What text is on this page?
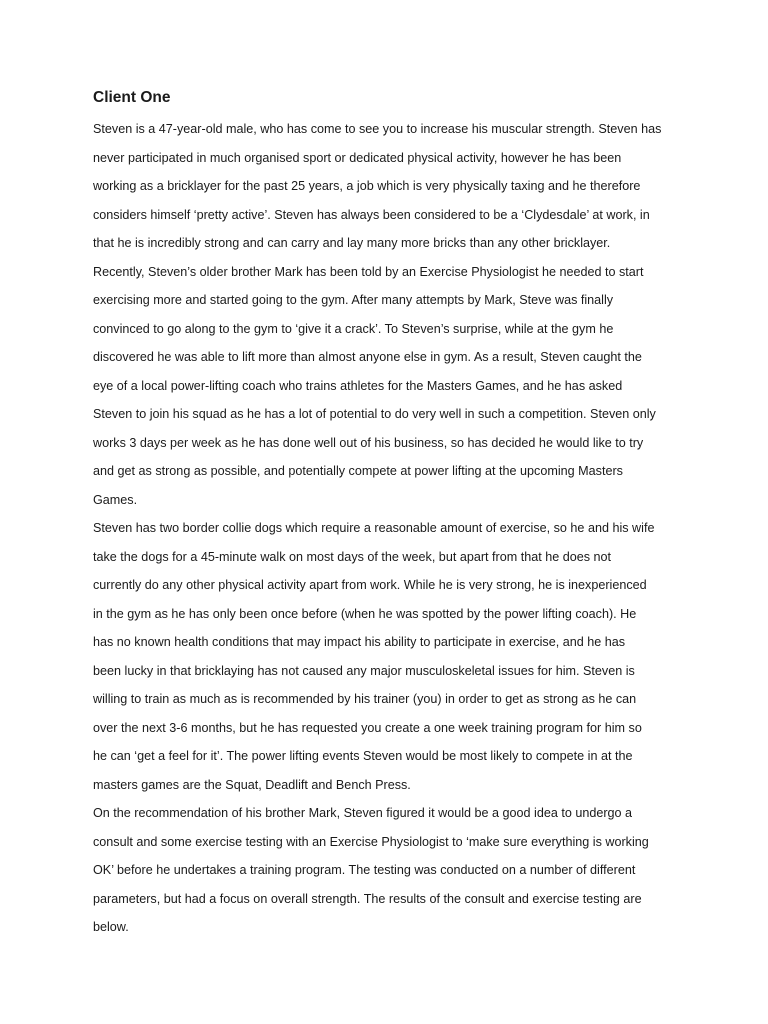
Client One

Steven is a 47-year-old male, who has come to see you to increase his muscular strength. Steven has
never participated in much organised sport or dedicated physical activity, however he has been
working as a bricklayer for the past 25 years, a job which is very physically taxing and he therefore
considers himself ‘pretty active’. Steven has always been considered to be a ‘Clydesdale’ at work, in
that he is incredibly strong and can carry and lay many more bricks than any other bricklayer.
Recently, Steven’s older brother Mark has been told by an Exercise Physiologist he needed to start
exercising more and started going to the gym. After many attempts by Mark, Steve was finally
convinced to go along to the gym to ‘give it a crack’. To Steven’s surprise, while at the gym he
discovered he was able to lift more than almost anyone else in gym. As a result, Steven caught the
eye of a local power-lifting coach who trains athletes for the Masters Games, and he has asked
Steven to join his squad as he has a lot of potential to do very well in such a competition. Steven only
works 3 days per week as he has done well out of his business, so has decided he would like to try
and get as strong as possible, and potentially compete at power lifting at the upcoming Masters
Games.

Steven has two border collie dogs which require a reasonable amount of exercise, so he and his wife
take the dogs for a 45-minute walk on most days of the week, but apart from that he does not
currently do any other physical activity apart from work. While he is very strong, he is inexperienced
in the gym as he has only been once before (when he was spotted by the power lifting coach). He
has no known health conditions that may impact his ability to participate in exercise, and he has
been lucky in that bricklaying has not caused any major musculoskeletal issues for him. Steven is
willing to train as much as is recommended by his trainer (you) in order to get as strong as he can
over the next 3-6 months, but he has requested you create a one week training program for him so
he can ‘get a feel for it’. The power lifting events Steven would be most likely to compete in at the
masters games are the Squat, Deadlift and Bench Press.

On the recommendation of his brother Mark, Steven figured it would be a good idea to undergo a
consult and some exercise testing with an Exercise Physiologist to ‘make sure everything is working
OK’ before he undertakes a training program. The testing was conducted on a number of different
parameters, but had a focus on overall strength. The results of the consult and exercise testing are
below.
